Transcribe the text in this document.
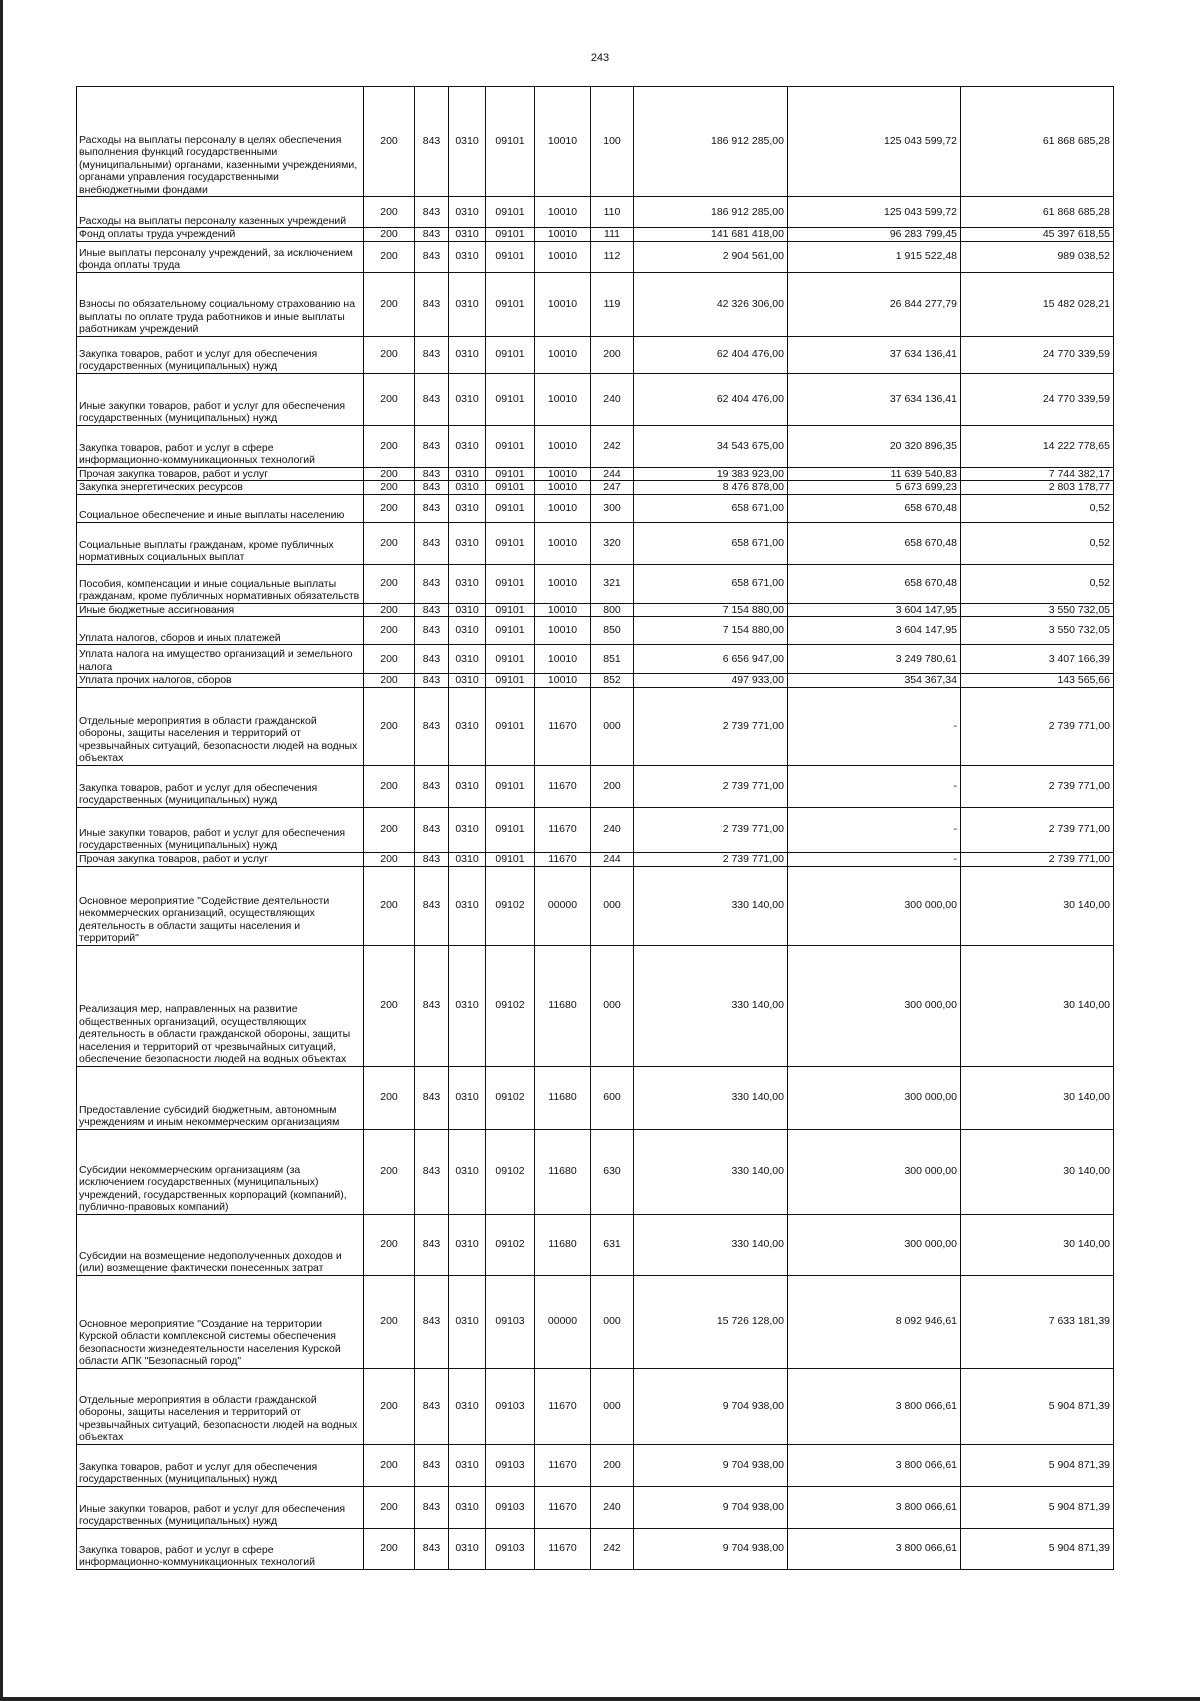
243
Расходы на выплаты персоналу в целях обеспечения выполнения функций государственными (муниципальными) органами, казенными учреждениями, органами управления государственными внебюджетными фондами	200	843	0310	09101	10010	100	186 912 285,00	125 043 599,72	61 868 685,28
Расходы на выплаты персоналу казенных учреждений	200	843	0310	09101	10010	110	186 912 285,00	125 043 599,72	61 868 685,28
Фонд оплаты труда учреждений	200	843	0310	09101	10010	111	141 681 418,00	96 283 799,45	45 397 618,55
Иные выплаты персоналу учреждений, за исключением фонда оплаты труда	200	843	0310	09101	10010	112	2 904 561,00	1 915 522,48	989 038,52
Взносы по обязательному социальному страхованию на выплаты по оплате труда работников и иные выплаты работникам учреждений	200	843	0310	09101	10010	119	42 326 306,00	26 844 277,79	15 482 028,21
Закупка товаров, работ и услуг для обеспечения государственных (муниципальных) нужд	200	843	0310	09101	10010	200	62 404 476,00	37 634 136,41	24 770 339,59
Иные закупки товаров, работ и услуг для обеспечения государственных (муниципальных) нужд	200	843	0310	09101	10010	240	62 404 476,00	37 634 136,41	24 770 339,59
Закупка товаров, работ и услуг в сфере информационно-коммуникационных технологий	200	843	0310	09101	10010	242	34 543 675,00	20 320 896,35	14 222 778,65
Прочая закупка товаров, работ и услуг	200	843	0310	09101	10010	244	19 383 923,00	11 639 540,83	7 744 382,17
Закупка энергетических ресурсов	200	843	0310	09101	10010	247	8 476 878,00	5 673 699,23	2 803 178,77
Социальное обеспечение и иные выплаты населению	200	843	0310	09101	10010	300	658 671,00	658 670,48	0,52
Социальные выплаты гражданам, кроме публичных нормативных социальных выплат	200	843	0310	09101	10010	320	658 671,00	658 670,48	0,52
Пособия, компенсации и иные социальные выплаты гражданам, кроме публичных нормативных обязательств	200	843	0310	09101	10010	321	658 671,00	658 670,48	0,52
Иные бюджетные ассигнования	200	843	0310	09101	10010	800	7 154 880,00	3 604 147,95	3 550 732,05
Уплата налогов, сборов и иных платежей	200	843	0310	09101	10010	850	7 154 880,00	3 604 147,95	3 550 732,05
Уплата налога на имущество организаций и земельного налога	200	843	0310	09101	10010	851	6 656 947,00	3 249 780,61	3 407 166,39
Уплата прочих налогов, сборов	200	843	0310	09101	10010	852	497 933,00	354 367,34	143 565,66
Отдельные мероприятия в области гражданской обороны, защиты населения и территорий от чрезвычайных ситуаций, безопасности людей на водных объектах	200	843	0310	09101	11670	000	2 739 771,00	-	2 739 771,00
Закупка товаров, работ и услуг для обеспечения государственных (муниципальных) нужд	200	843	0310	09101	11670	200	2 739 771,00	-	2 739 771,00
Иные закупки товаров, работ и услуг для обеспечения государственных (муниципальных) нужд	200	843	0310	09101	11670	240	2 739 771,00	-	2 739 771,00
Прочая закупка товаров, работ и услуг	200	843	0310	09101	11670	244	2 739 771,00	-	2 739 771,00
Основное мероприятие "Содействие деятельности некоммерческих организаций, осуществляющих деятельность в области защиты населения и территорий"	200	843	0310	09102	00000	000	330 140,00	300 000,00	30 140,00
Реализация мер, направленных на развитие общественных организаций, осуществляющих деятельность в области гражданской обороны, защиты населения и территорий от чрезвычайных ситуаций, обеспечение безопасности людей на водных объектах	200	843	0310	09102	11680	000	330 140,00	300 000,00	30 140,00
Предоставление субсидий бюджетным, автономным учреждениям и иным некоммерческим организациям	200	843	0310	09102	11680	600	330 140,00	300 000,00	30 140,00
Субсидии некоммерческим организациям (за исключением государственных (муниципальных) учреждений, государственных корпораций (компаний), публично-правовых компаний)	200	843	0310	09102	11680	630	330 140,00	300 000,00	30 140,00
Субсидии на возмещение недополученных доходов и (или) возмещение фактически понесенных затрат	200	843	0310	09102	11680	631	330 140,00	300 000,00	30 140,00
Основное мероприятие "Создание на территории Курской области комплексной системы обеспечения безопасности жизнедеятельности населения Курской области АПК "Безопасный город"	200	843	0310	09103	00000	000	15 726 128,00	8 092 946,61	7 633 181,39
Отдельные мероприятия в области гражданской обороны, защиты населения и территорий от чрезвычайных ситуаций, безопасности людей на водных объектах	200	843	0310	09103	11670	000	9 704 938,00	3 800 066,61	5 904 871,39
Закупка товаров, работ и услуг для обеспечения государственных (муниципальных) нужд	200	843	0310	09103	11670	200	9 704 938,00	3 800 066,61	5 904 871,39
Иные закупки товаров, работ и услуг для обеспечения государственных (муниципальных) нужд	200	843	0310	09103	11670	240	9 704 938,00	3 800 066,61	5 904 871,39
Закупка товаров, работ и услуг в сфере информационно-коммуникационных технологий	200	843	0310	09103	11670	242	9 704 938,00	3 800 066,61	5 904 871,39
